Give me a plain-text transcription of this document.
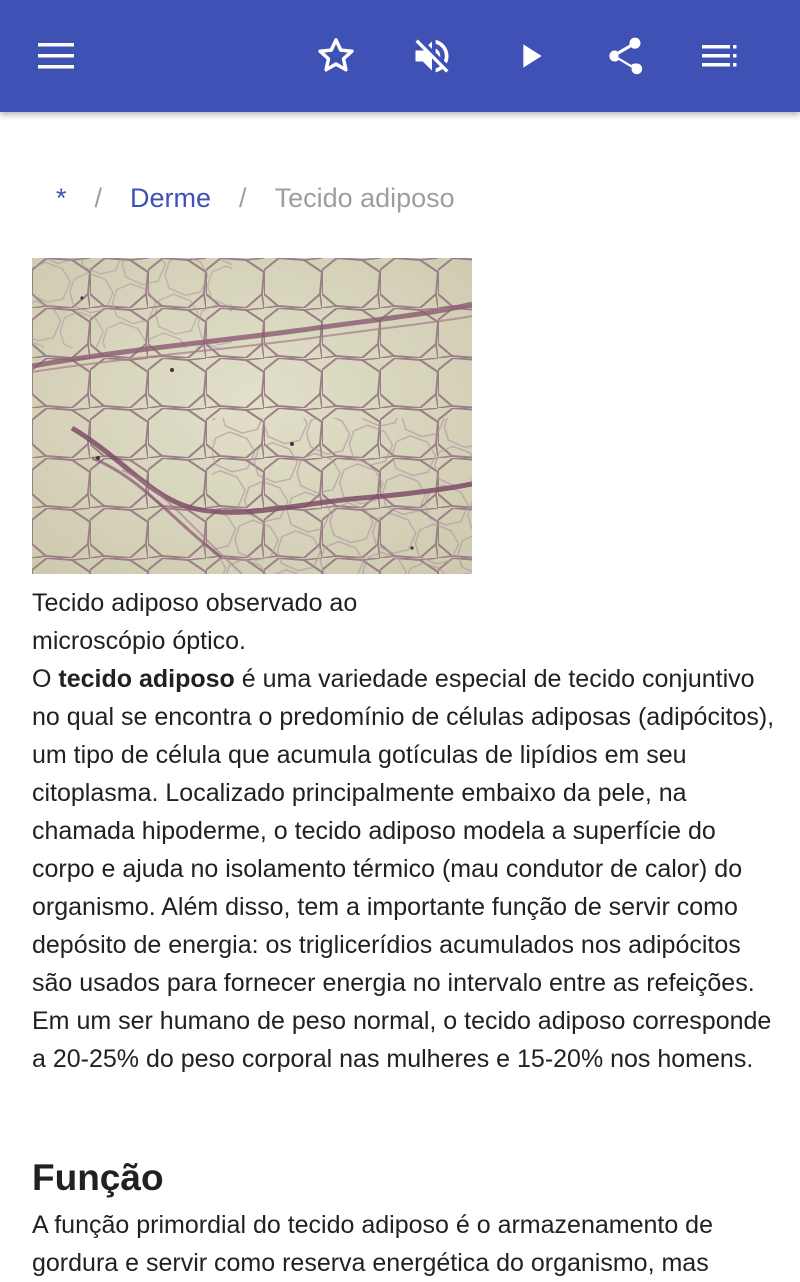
* / Derme / Tecido adiposo
Tecido adiposo observado ao microscópio óptico.
O tecido adiposo é uma variedade especial de tecido conjuntivo no qual se encontra o predomínio de células adiposas (adipócitos), um tipo de célula que acumula gotículas de lipídios em seu citoplasma. Localizado principalmente embaixo da pele, na chamada hipoderme, o tecido adiposo modela a superfície do corpo e ajuda no isolamento térmico (mau condutor de calor) do organismo. Além disso, tem a importante função de servir como depósito de energia: os triglicerídios acumulados nos adipócitos são usados para fornecer energia no intervalo entre as refeições. Em um ser humano de peso normal, o tecido adiposo corresponde a 20-25% do peso corporal nas mulheres e 15-20% nos homens.
Função
A função primordial do tecido adiposo é o armazenamento de gordura e servir como reserva energética do organismo, mas
